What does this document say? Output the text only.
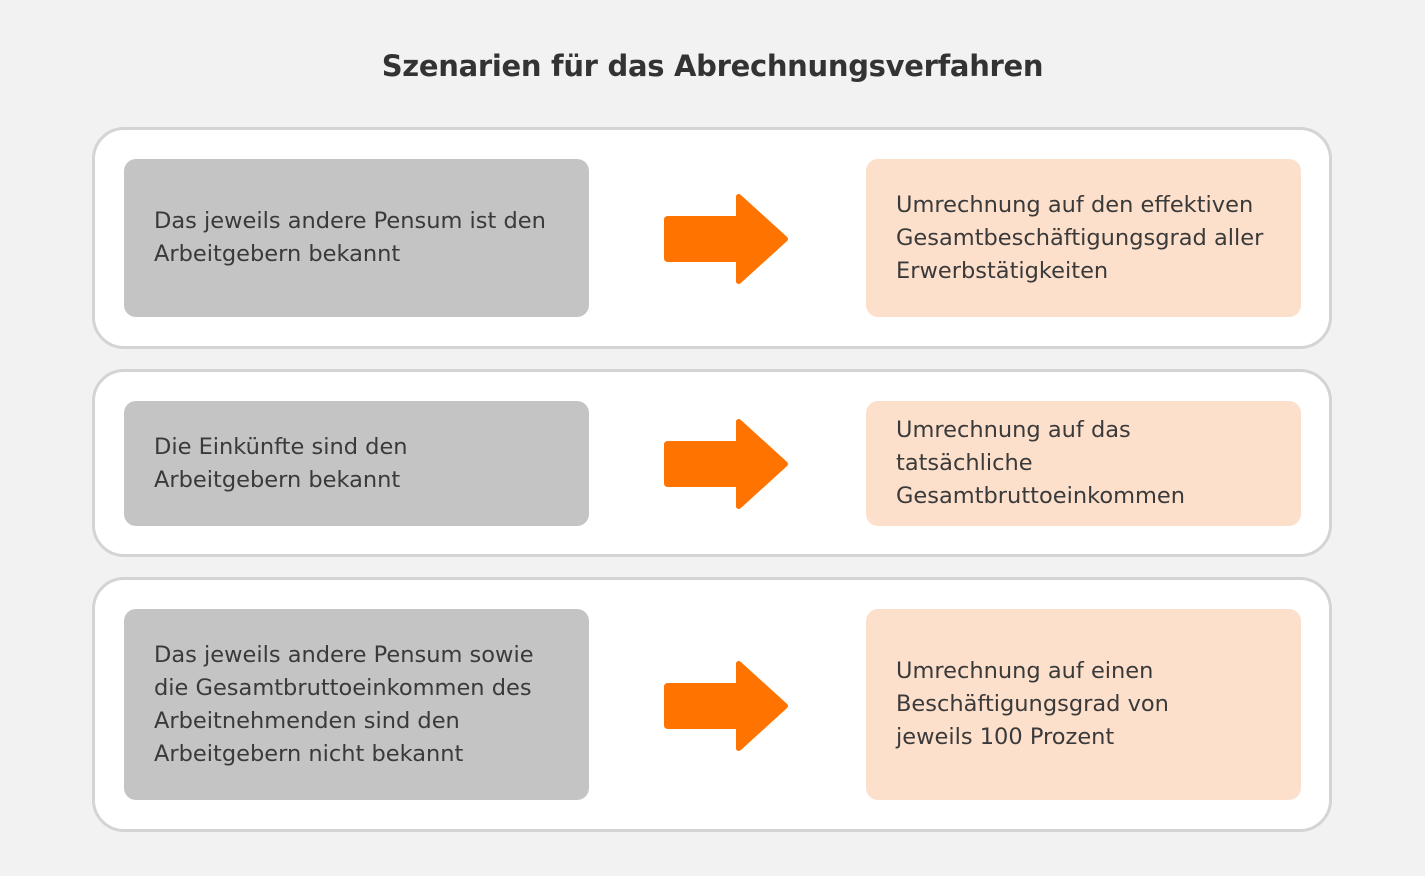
Szenarien für das Abrechnungsverfahren
Das jeweils andere Pensum ist den
Arbeitgebern bekannt
Umrechnung auf den effektiven
Gesamtbeschäftigungsgrad aller
Erwerbstätigkeiten
Die Einkünfte sind den
Arbeitgebern bekannt
Umrechnung auf das tatsächliche
Gesamtbruttoeinkommen
Das jeweils andere Pensum sowie
die Gesamtbruttoeinkommen des
Arbeitnehmenden sind den
Arbeitgebern nicht bekannt
Umrechnung auf einen
Beschäftigungsgrad von
jeweils 100 Prozent
